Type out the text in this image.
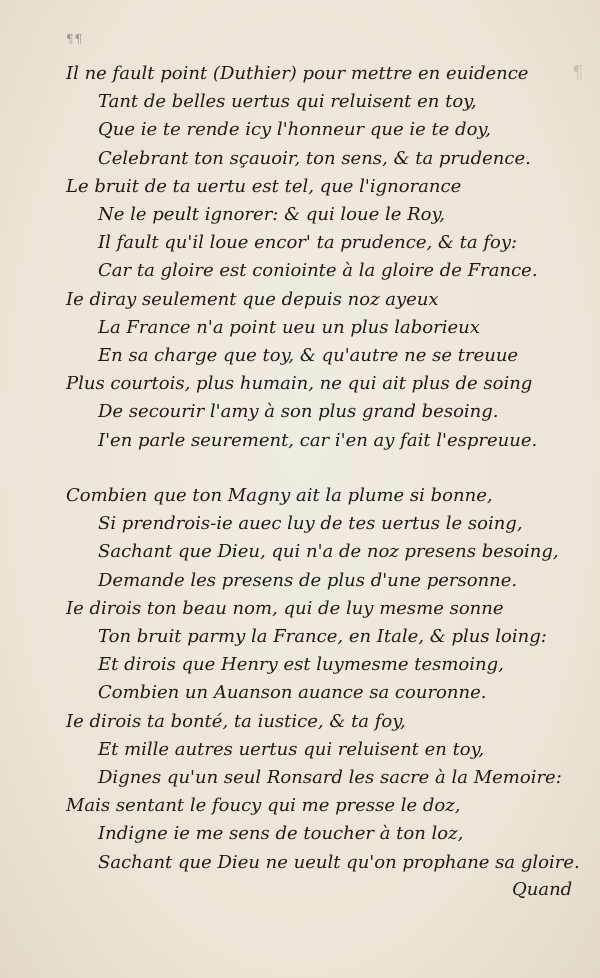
¶¶
Il ne fault point (Duthier) pour mettre en euidence
Tant de belles uertus qui reluisent en toy,
Que ie te rende icy l'honneur que ie te doy,
Celebrant ton sçauoir, ton sens, & ta prudence.
Le bruit de ta uertu est tel, que l'ignorance
Ne le peult ignorer: & qui loue le Roy,
Il fault qu'il loue encor' ta prudence, & ta foy:
Car ta gloire est coniointe à la gloire de France.
Ie diray seulement que depuis noz ayeux
La France n'a point ueu un plus laborieux
En sa charge que toy, & qu'autre ne se treuue
Plus courtois, plus humain, ne qui ait plus de soing
De secourir l'amy à son plus grand besoing.
I'en parle seurement, car i'en ay fait l'espreuue.
Combien que ton Magny ait la plume si bonne,
Si prendrois-ie auec luy de tes uertus le soing,
Sachant que Dieu, qui n'a de noz presens besoing,
Demande les presens de plus d'une personne.
Ie dirois ton beau nom, qui de luy mesme sonne
Ton bruit parmy la France, en Itale, & plus loing:
Et dirois que Henry est luymesme tesmoing,
Combien un Auanson auance sa couronne.
Ie dirois ta bonté, ta iustice, & ta foy,
Et mille autres uertus qui reluisent en toy,
Dignes qu'un seul Ronsard les sacre à la Memoire:
Mais sentant le foucy qui me presse le doz,
Indigne ie me sens de toucher à ton loz,
Sachant que Dieu ne ueult qu'on prophane sa gloire.
Quand
¶
